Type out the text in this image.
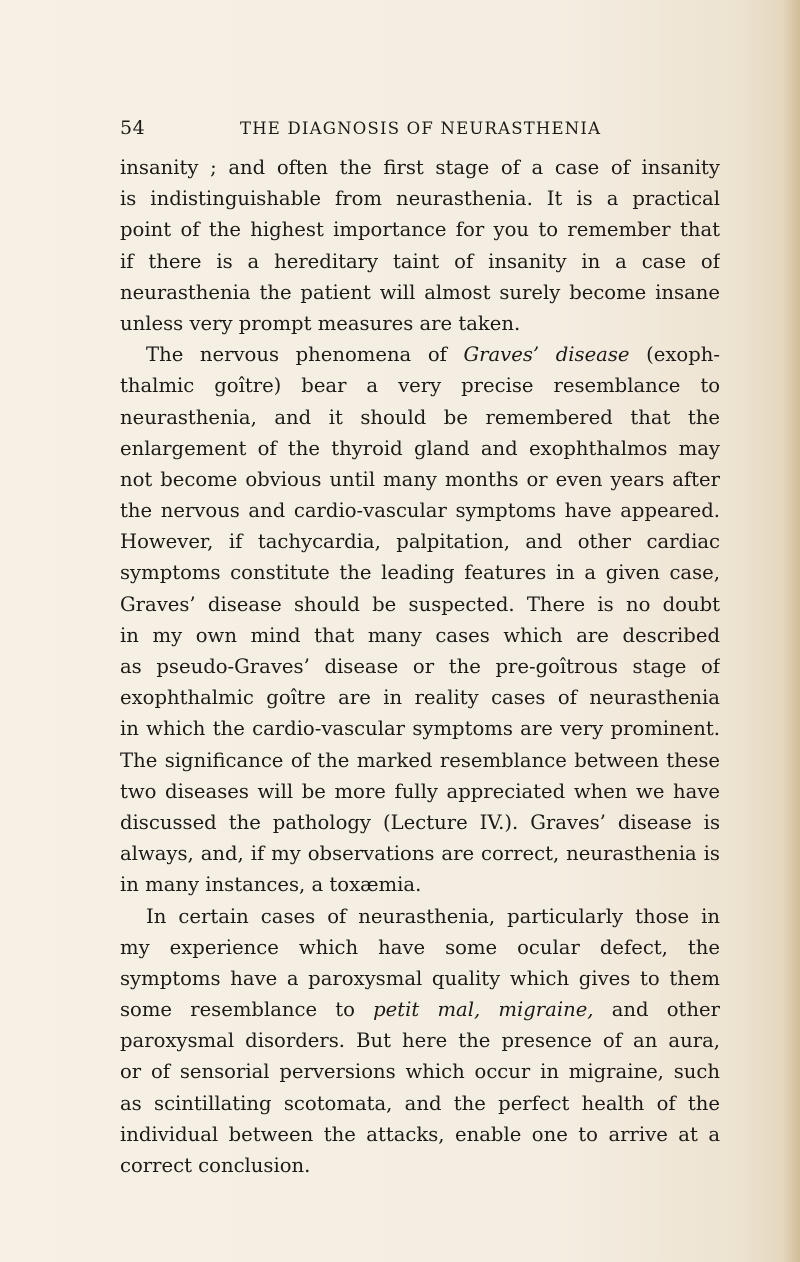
54	THE DIAGNOSIS OF NEURASTHENIA
insanity ; and often the first stage of a case of insanity
is indistinguishable from neurasthenia. It is a practical
point of the highest importance for you to remember that
if there is a hereditary taint of insanity in a case of
neurasthenia the patient will almost surely become insane
unless very prompt measures are taken.
The nervous phenomena of Graves’ disease (exoph-
thalmic goître) bear a very precise resemblance to
neurasthenia, and it should be remembered that the
enlargement of the thyroid gland and exophthalmos may
not become obvious until many months or even years after
the nervous and cardio-vascular symptoms have appeared.
However, if tachycardia, palpitation, and other cardiac
symptoms constitute the leading features in a given case,
Graves’ disease should be suspected. There is no doubt
in my own mind that many cases which are described
as pseudo-Graves’ disease or the pre-goîtrous stage of
exophthalmic goître are in reality cases of neurasthenia
in which the cardio-vascular symptoms are very prominent.
The significance of the marked resemblance between these
two diseases will be more fully appreciated when we have
discussed the pathology (Lecture IV.). Graves’ disease is
always, and, if my observations are correct, neurasthenia is
in many instances, a toxæmia.
In certain cases of neurasthenia, particularly those in
my experience which have some ocular defect, the
symptoms have a paroxysmal quality which gives to them
some resemblance to petit mal, migraine, and other
paroxysmal disorders. But here the presence of an aura,
or of sensorial perversions which occur in migraine, such
as scintillating scotomata, and the perfect health of the
individual between the attacks, enable one to arrive at a
correct conclusion.
